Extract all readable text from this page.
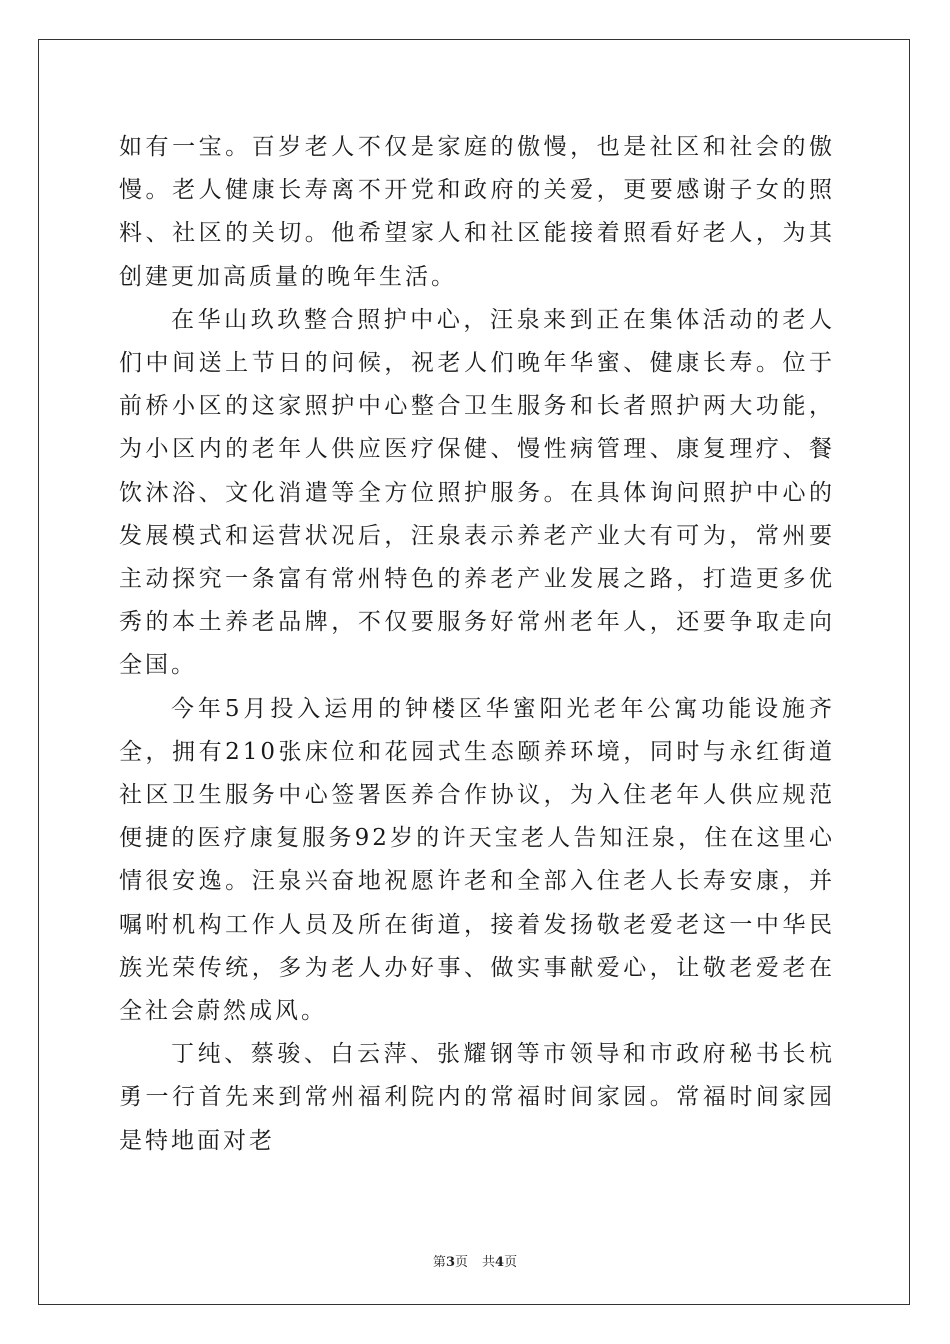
如有一宝。百岁老人不仅是家庭的傲慢，也是社区和社会的傲慢。老人健康长寿离不开党和政府的关爱，更要感谢子女的照料、社区的关切。他希望家人和社区能接着照看好老人，为其创建更加高质量的晚年生活。

在华山玖玖整合照护中心，汪泉来到正在集体活动的老人们中间送上节日的问候，祝老人们晚年华蜜、健康长寿。位于前桥小区的这家照护中心整合卫生服务和长者照护两大功能，为小区内的老年人供应医疗保健、慢性病管理、康复理疗、餐饮沐浴、文化消遣等全方位照护服务。在具体询问照护中心的发展模式和运营状况后，汪泉表示养老产业大有可为，常州要主动探究一条富有常州特色的养老产业发展之路，打造更多优秀的本土养老品牌，不仅要服务好常州老年人，还要争取走向全国。

今年5月投入运用的钟楼区华蜜阳光老年公寓功能设施齐全，拥有210张床位和花园式生态颐养环境，同时与永红街道社区卫生服务中心签署医养合作协议，为入住老年人供应规范便捷的医疗康复服务92岁的许天宝老人告知汪泉，住在这里心情很安逸。汪泉兴奋地祝愿许老和全部入住老人长寿安康，并嘱咐机构工作人员及所在街道，接着发扬敬老爱老这一中华民族光荣传统，多为老人办好事、做实事献爱心，让敬老爱老在全社会蔚然成风。

丁纯、蔡骏、白云萍、张耀钢等市领导和市政府秘书长杭勇一行首先来到常州福利院内的常福时间家园。常福时间家园是特地面对老

第3页 共4页
